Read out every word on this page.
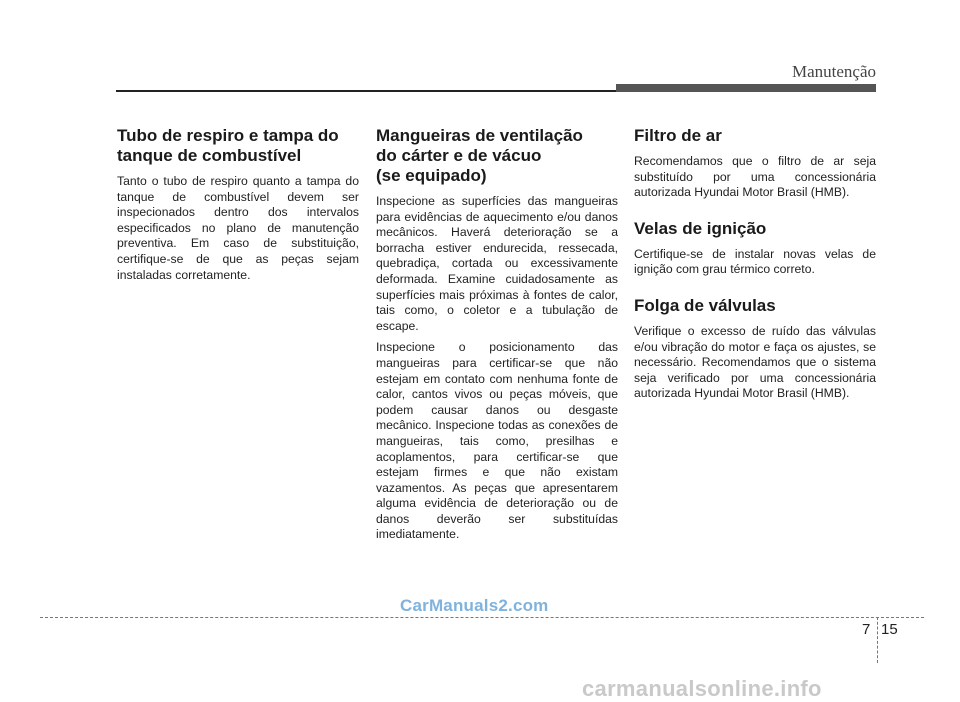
Manutenção
Tubo de respiro e tampa do
tanque de combustível

Tanto o tubo de respiro quanto a tampa do tanque de combustível devem ser inspecionados dentro dos intervalos especificados no plano de manutenção preventiva. Em caso de substituição, certifique-se de que as peças sejam instaladas corretamente.

Mangueiras de ventilação
do cárter e de vácuo
(se equipado)

Inspecione as superfícies das mangueiras para evidências de aquecimento e/ou danos mecânicos. Haverá deterioração se a borracha estiver endurecida, ressecada, quebradiça, cortada ou excessivamente deformada. Examine cuidadosamente as superfícies mais próximas à fontes de calor, tais como, o coletor e a tubulação de escape.

Inspecione o posicionamento das mangueiras para certificar-se que não estejam em contato com nenhuma fonte de calor, cantos vivos ou peças móveis, que podem causar danos ou desgaste mecânico. Inspecione todas as conexões de mangueiras, tais como, presilhas e acoplamentos, para certificar-se que estejam firmes e que não existam vazamentos. As peças que apresentarem alguma evidência de deterioração ou de danos deverão ser substituídas imediatamente.

Filtro de ar

Recomendamos que o filtro de ar seja substituído por uma concessionária autorizada Hyundai Motor Brasil (HMB).

Velas de ignição

Certifique-se de instalar novas velas de ignição com grau térmico correto.

Folga de válvulas

Verifique o excesso de ruído das válvulas e/ou vibração do motor e faça os ajustes, se necessário. Recomendamos que o sistema seja verificado por uma concessionária autorizada Hyundai Motor Brasil (HMB).

CarManuals2.com
7 15
carmanualsonline.info
